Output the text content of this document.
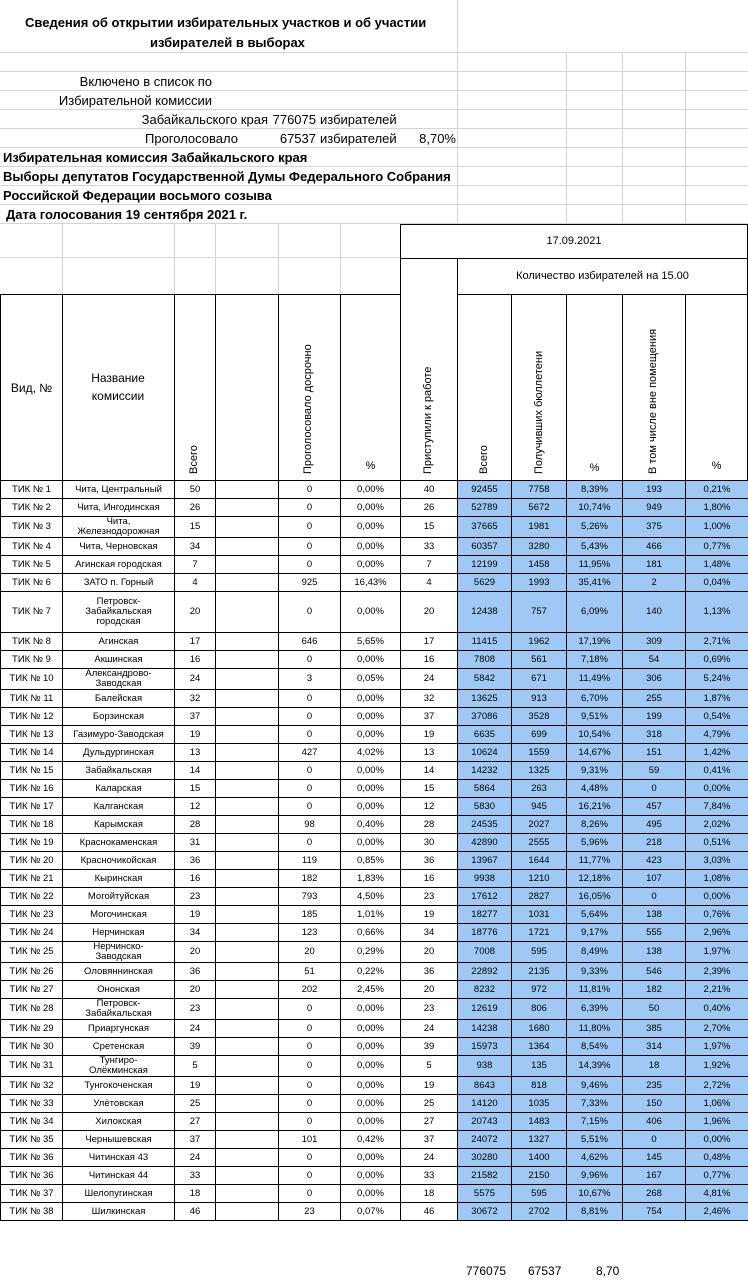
Сведения об открытии избирательных участков и об участии
избирателей в выборах
Включено в список по
Избирательной комиссии
Забайкальского края 776075 избирателей
Проголосовало	67537 избирателей 8,70%
Избирательная комиссия Забайкальского края
Выборы депутатов Государственной Думы Федерального Собрания
Российской Федерации восьмого созыва
Дата голосования 19 сентября 2021 г.
17.09.2021
Количество избирателей на 15.00
Вид, №
Название комиссии
Всего	Проголосовало досрочно	%	Приступили к работе	Всего	Получивших бюллетени	%	В том числе вне помещения	%
ТИК № 1	Чита, Центральный	50		0	0,00%	40	92455	7758	8,39%	193	0,21%
ТИК № 2	Чита, Ингодинская	26		0	0,00%	26	52789	5672	10,74%	949	1,80%
ТИК № 3	Чита, Железнодорожная	15		0	0,00%	15	37665	1981	5,26%	375	1,00%
ТИК № 4	Чита, Черновская	34		0	0,00%	33	60357	3280	5,43%	466	0,77%
ТИК № 5	Агинская городская	7		0	0,00%	7	12199	1458	11,95%	181	1,48%
ТИК № 6	ЗАТО п. Горный	4		925	16,43%	4	5629	1993	35,41%	2	0,04%
ТИК № 7	Петровск-Забайкальская городская	20		0	0,00%	20	12438	757	6,09%	140	1,13%
ТИК № 8	Агинская	17		646	5,65%	17	11415	1962	17,19%	309	2,71%
ТИК № 9	Акшинская	16		0	0,00%	16	7808	561	7,18%	54	0,69%
ТИК № 10	Александрово-Заводская	24		3	0,05%	24	5842	671	11,49%	306	5,24%
ТИК № 11	Балейская	32		0	0,00%	32	13625	913	6,70%	255	1,87%
ТИК № 12	Борзинская	37		0	0,00%	37	37086	3528	9,51%	199	0,54%
ТИК № 13	Газимуро-Заводская	19		0	0,00%	19	6635	699	10,54%	318	4,79%
ТИК № 14	Дульдургинская	13		427	4,02%	13	10624	1559	14,67%	151	1,42%
ТИК № 15	Забайкальская	14		0	0,00%	14	14232	1325	9,31%	59	0,41%
ТИК № 16	Каларская	15		0	0,00%	15	5864	263	4,48%	0	0,00%
ТИК № 17	Калганская	12		0	0,00%	12	5830	945	16,21%	457	7,84%
ТИК № 18	Карымская	28		98	0,40%	28	24535	2027	8,26%	495	2,02%
ТИК № 19	Краснокаменская	31		0	0,00%	30	42890	2555	5,96%	218	0,51%
ТИК № 20	Красночикойская	36		119	0,85%	36	13967	1644	11,77%	423	3,03%
ТИК № 21	Кыринская	16		182	1,83%	16	9938	1210	12,18%	107	1,08%
ТИК № 22	Могойтуйская	23		793	4,50%	23	17612	2827	16,05%	0	0,00%
ТИК № 23	Могочинская	19		185	1,01%	19	18277	1031	5,64%	138	0,76%
ТИК № 24	Нерчинская	34		123	0,66%	34	18776	1721	9,17%	555	2,96%
ТИК № 25	Нерчинско-Заводская	20		20	0,29%	20	7008	595	8,49%	138	1,97%
ТИК № 26	Оловяннинская	36		51	0,22%	36	22892	2135	9,33%	546	2,39%
ТИК № 27	Ононская	20		202	2,45%	20	8232	972	11,81%	182	2,21%
ТИК № 28	Петровск-Забайкальская	23		0	0,00%	23	12619	806	6,39%	50	0,40%
ТИК № 29	Приаргунская	24		0	0,00%	24	14238	1680	11,80%	385	2,70%
ТИК № 30	Сретенская	39		0	0,00%	39	15973	1364	8,54%	314	1,97%
ТИК № 31	Тунгиро-Олёкминская	5		0	0,00%	5	938	135	14,39%	18	1,92%
ТИК № 32	Тунгокоченская	19		0	0,00%	19	8643	818	9,46%	235	2,72%
ТИК № 33	Улётовская	25		0	0,00%	25	14120	1035	7,33%	150	1,06%
ТИК № 34	Хилокская	27		0	0,00%	27	20743	1483	7,15%	406	1,96%
ТИК № 35	Чернышевская	37		101	0,42%	37	24072	1327	5,51%	0	0,00%
ТИК № 36	Читинская 43	24		0	0,00%	24	30280	1400	4,62%	145	0,48%
ТИК № 36	Читинская 44	33		0	0,00%	33	21582	2150	9,96%	167	0,77%
ТИК № 37	Шелопугинская	18		0	0,00%	18	5575	595	10,67%	268	4,81%
ТИК № 38	Шилкинская	46		23	0,07%	46	30672	2702	8,81%	754	2,46%
776075 67537	8,70
